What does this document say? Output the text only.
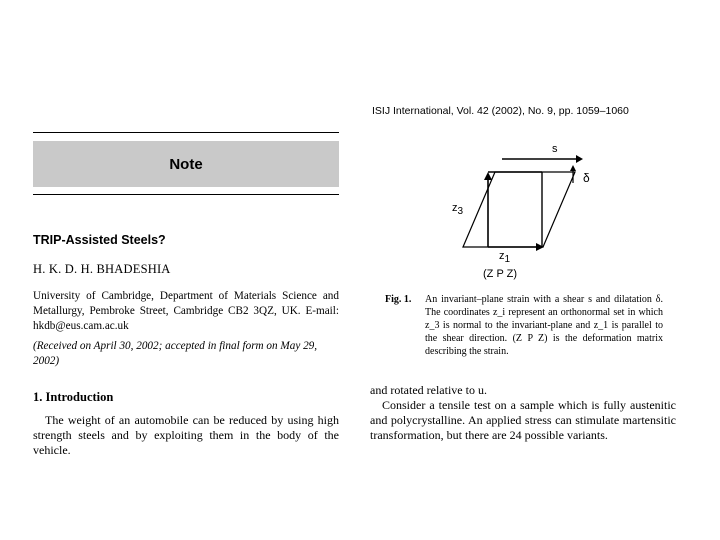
Note
TRIP-Assisted Steels?
H. K. D. H. BHADESHIA
University of Cambridge, Department of Materials Science and Metallurgy, Pembroke Street, Cambridge CB2 3QZ, UK. E-mail: hkdb@eus.cam.ac.uk
(Received on April 30, 2002; accepted in final form on May 29, 2002)
1. Introduction
The weight of an automobile can be reduced by using high strength steels and by exploiting them in the body of the vehicle.
ISIJ International, Vol. 42 (2002), No. 9, pp. 1059–1060
s
δ
z3
z1
(Z P Z)
Fig. 1. An invariant–plane strain with a shear s and dilatation δ. The coordinates z_i represent an orthonormal set in which z_3 is normal to the invariant-plane and z_1 is parallel to the shear direction. (Z P Z) is the deformation matrix describing the strain.
and rotated relative to u.
Consider a tensile test on a sample which is fully austenitic and polycrystalline. An applied stress can stimulate martensitic transformation, but there are 24 possible variants.
